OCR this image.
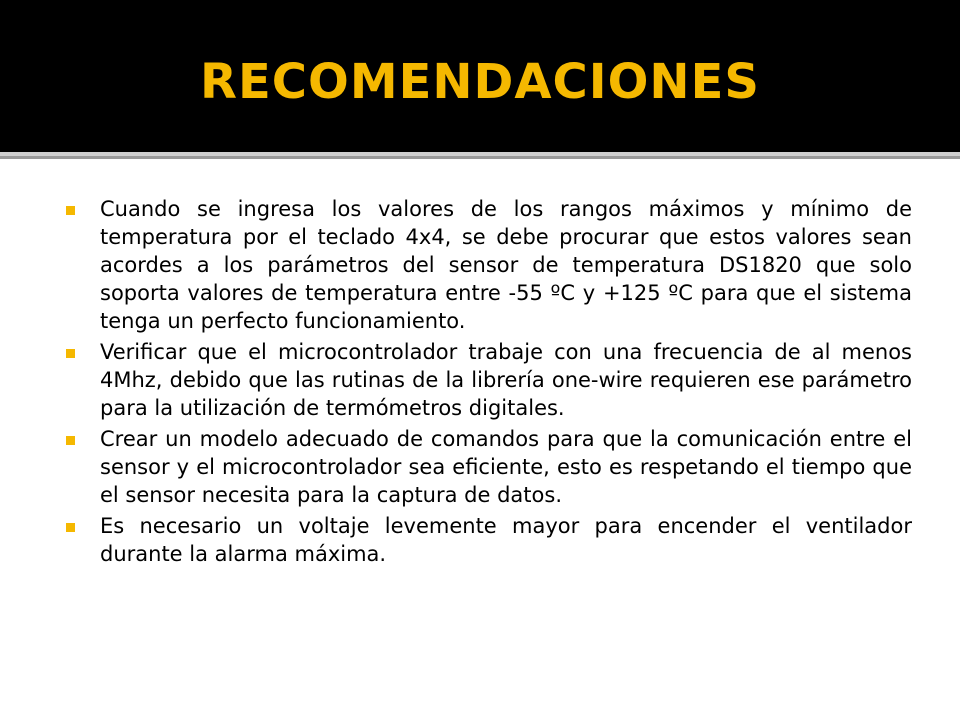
RECOMENDACIONES
Cuando se ingresa los valores de los rangos máximos y mínimo de temperatura por el teclado 4x4, se debe procurar que estos valores sean acordes a los parámetros del sensor de temperatura DS1820 que solo soporta valores de temperatura entre -55 ºC y +125 ºC para que el sistema tenga un perfecto funcionamiento.
Verificar que el microcontrolador trabaje con una frecuencia de al menos 4Mhz, debido que las rutinas de la librería one-wire requieren ese parámetro para la utilización de termómetros digitales.
Crear un modelo adecuado de comandos para que la comunicación entre el sensor y el microcontrolador sea eficiente, esto es respetando el tiempo que el sensor necesita para la captura de datos.
Es necesario un voltaje levemente mayor para encender el ventilador durante la alarma máxima.
